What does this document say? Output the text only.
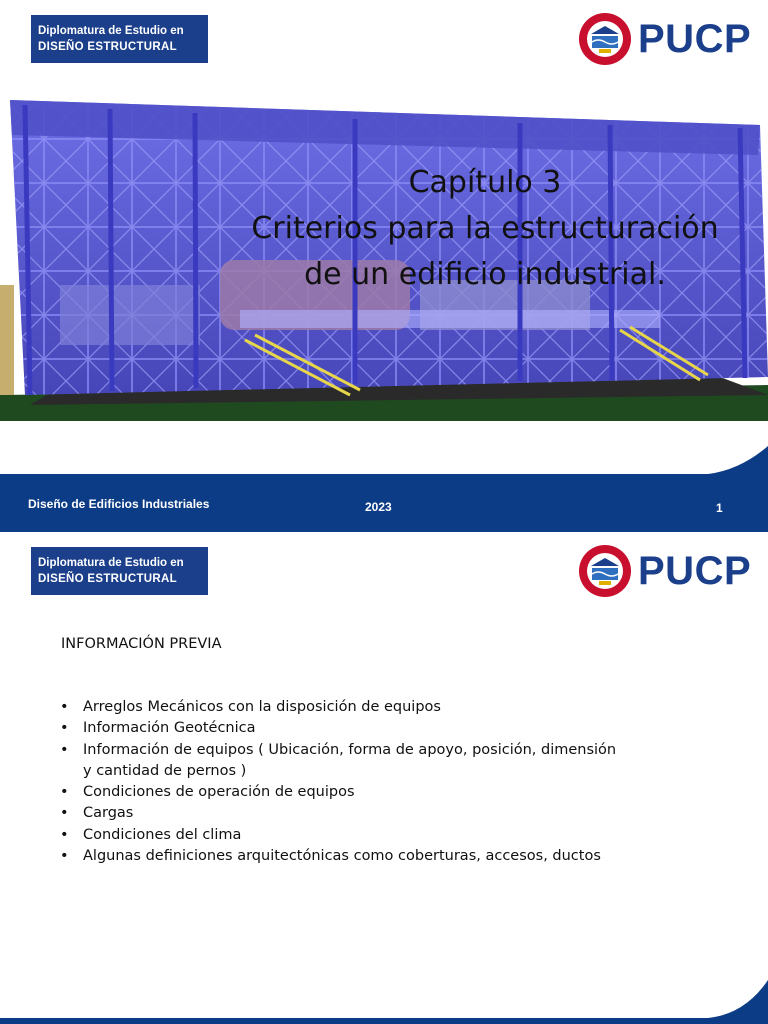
Diplomatura de Estudio en
DISEÑO ESTRUCTURAL	PUCP
Capítulo 3
Criterios para la estructuración
de un edificio industrial.
Diseño de Edificios Industriales	2023	1
Diplomatura de Estudio en
DISEÑO ESTRUCTURAL	PUCP
INFORMACIÓN PREVIA
• Arreglos Mecánicos con la disposición de equipos
• Información Geotécnica
• Información de equipos ( Ubicación, forma de apoyo, posición, dimensión
y cantidad de pernos )
• Condiciones de operación de equipos
• Cargas
• Condiciones del clima
• Algunas definiciones arquitectónicas como coberturas, accesos, ductos
